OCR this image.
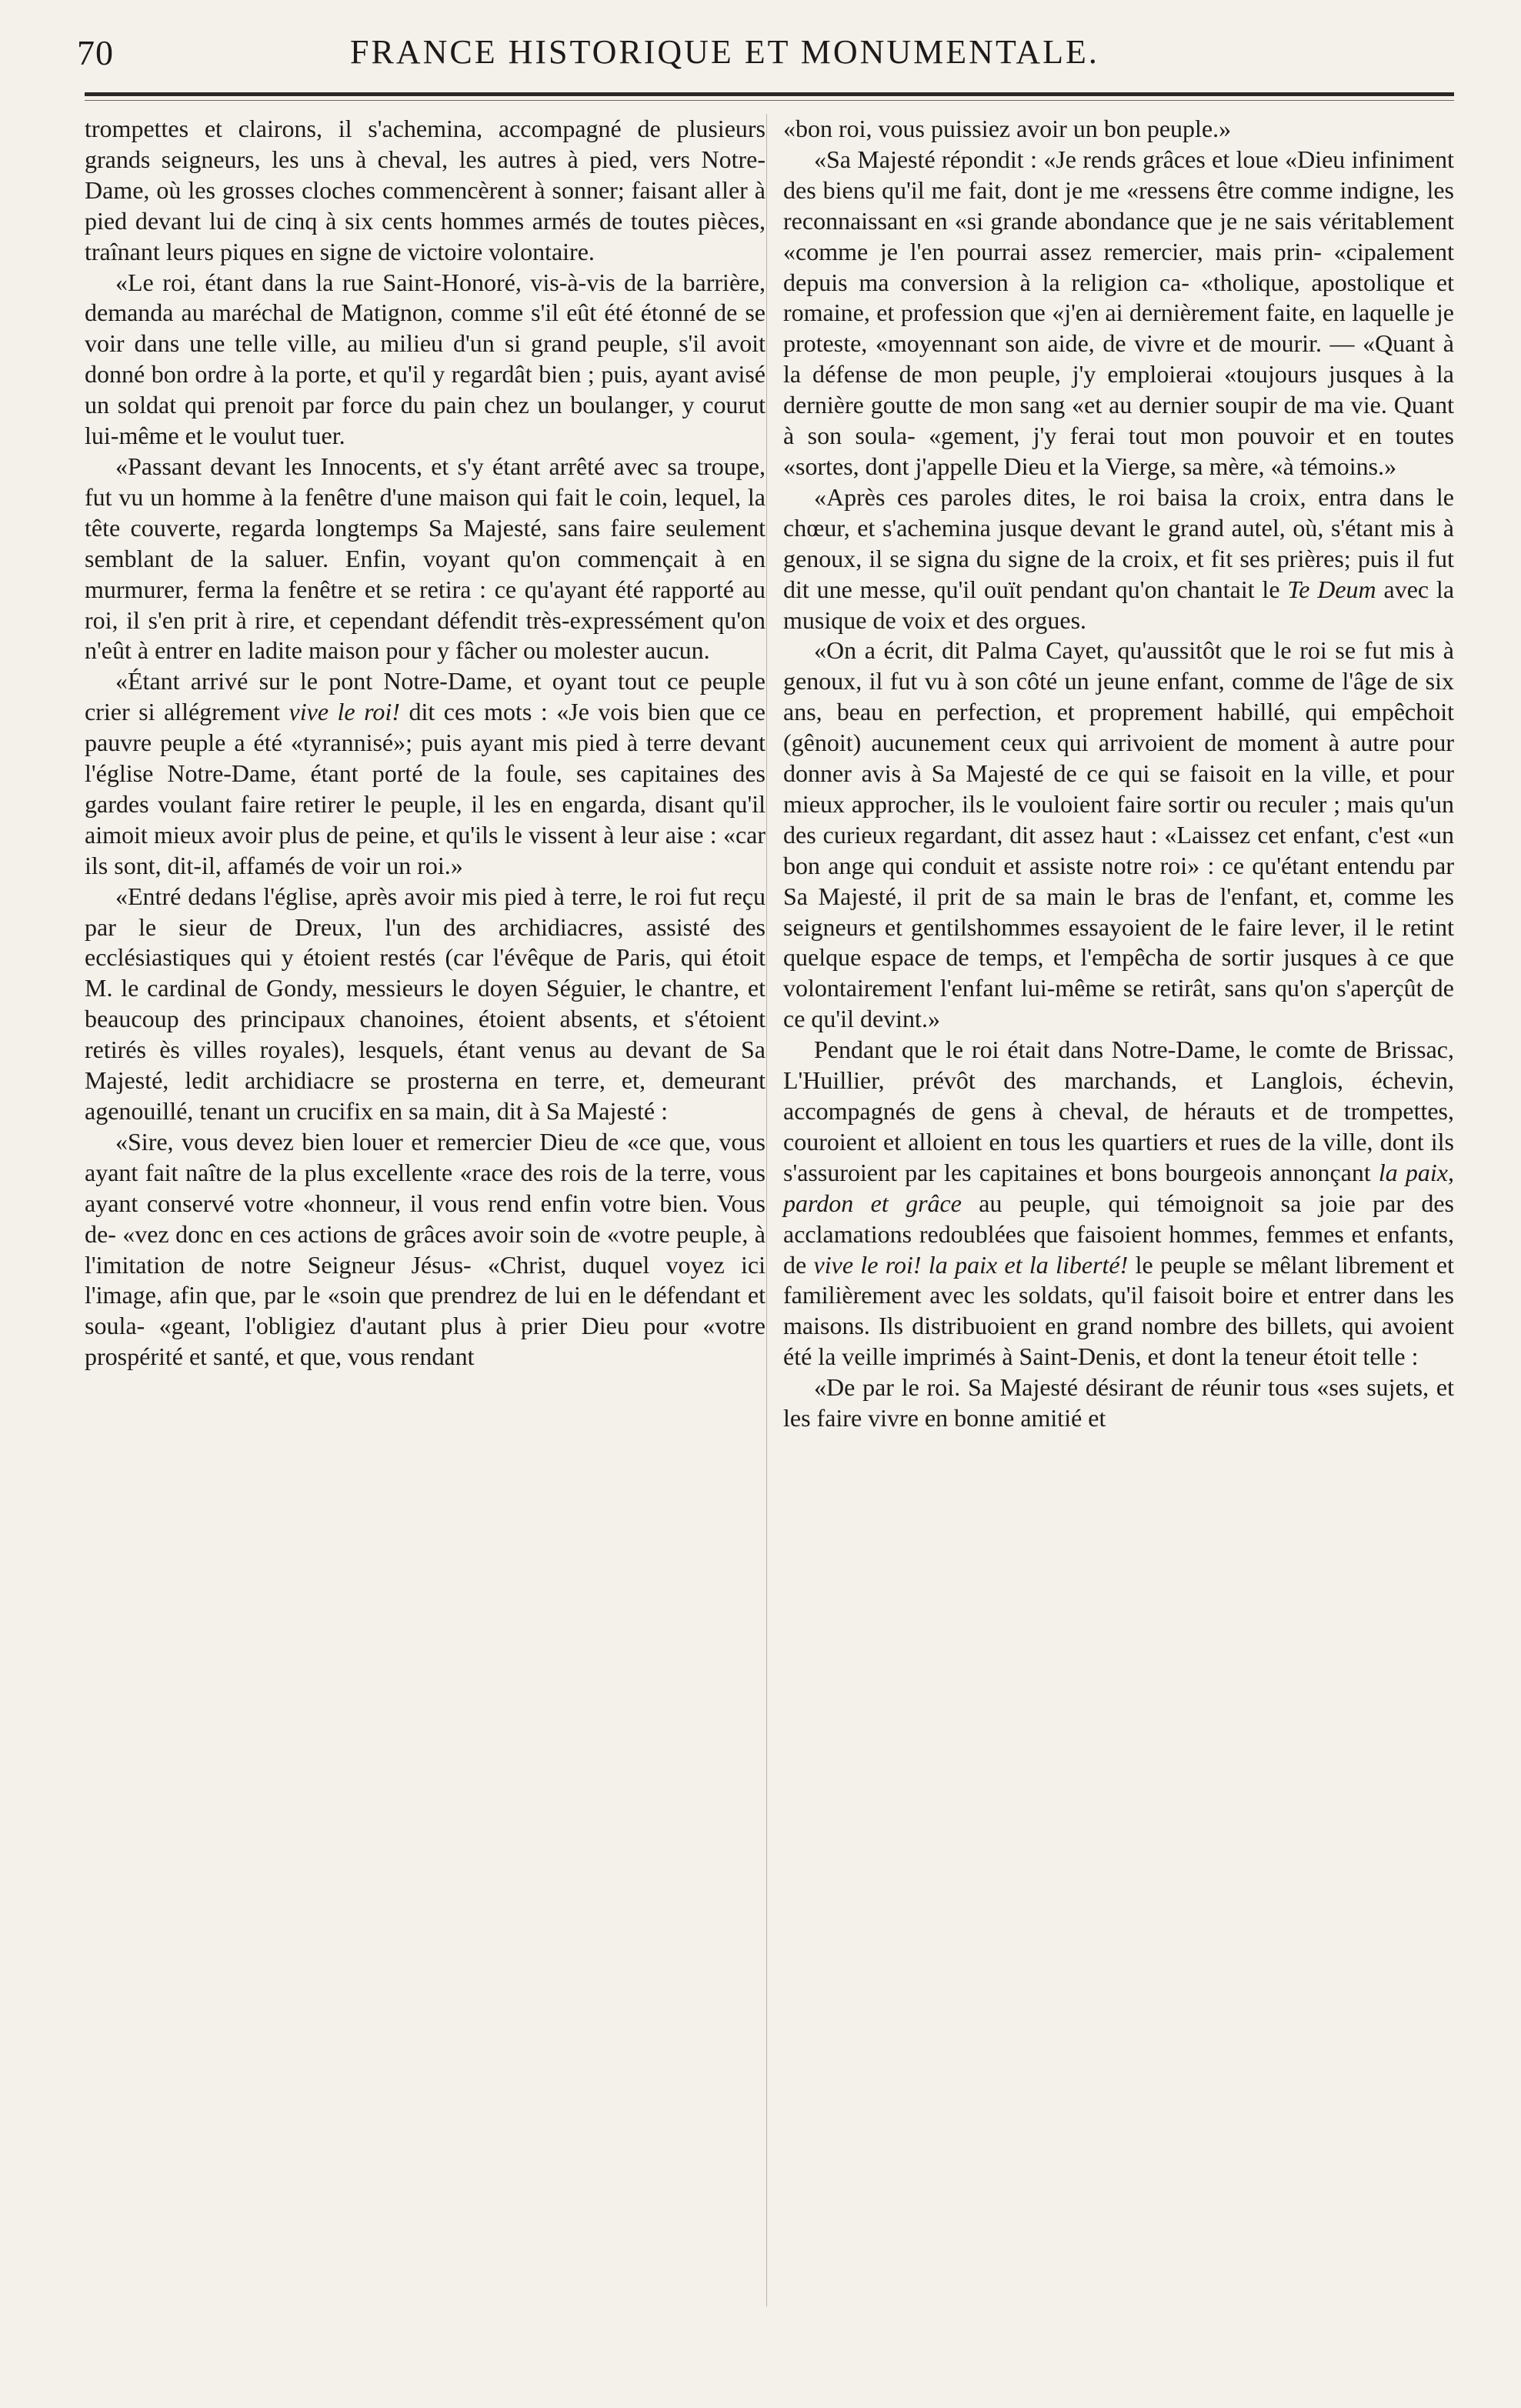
70	FRANCE HISTORIQUE ET MONUMENTALE.

trompettes et clairons, il s'achemina, accompagné de plusieurs grands seigneurs, les uns à cheval, les autres à pied, vers Notre-Dame, où les grosses cloches commencèrent à sonner; faisant aller à pied devant lui de cinq à six cents hommes armés de toutes pièces, traînant leurs piques en signe de victoire volontaire.

«Le roi, étant dans la rue Saint-Honoré, vis-à-vis de la barrière, demanda au maréchal de Matignon, comme s'il eût été étonné de se voir dans une telle ville, au milieu d'un si grand peuple, s'il avoit donné bon ordre à la porte, et qu'il y regardât bien ; puis, ayant avisé un soldat qui prenoit par force du pain chez un boulanger, y courut lui-même et le voulut tuer.

«Passant devant les Innocents, et s'y étant arrêté avec sa troupe, fut vu un homme à la fenêtre d'une maison qui fait le coin, lequel, la tête couverte, regarda longtemps Sa Majesté, sans faire seulement semblant de la saluer. Enfin, voyant qu'on commençait à en murmurer, ferma la fenêtre et se retira : ce qu'ayant été rapporté au roi, il s'en prit à rire, et cependant défendit très-expressément qu'on n'eût à entrer en ladite maison pour y fâcher ou molester aucun.

«Étant arrivé sur le pont Notre-Dame, et oyant tout ce peuple crier si allégrement vive le roi! dit ces mots : «Je vois bien que ce pauvre peuple a été «tyrannisé»; puis ayant mis pied à terre devant l'église Notre-Dame, étant porté de la foule, ses capitaines des gardes voulant faire retirer le peuple, il les en engarda, disant qu'il aimoit mieux avoir plus de peine, et qu'ils le vissent à leur aise : «car ils sont, dit-il, affamés de voir un roi.»

«Entré dedans l'église, après avoir mis pied à terre, le roi fut reçu par le sieur de Dreux, l'un des archidiacres, assisté des ecclésiastiques qui y étoient restés (car l'évêque de Paris, qui étoit M. le cardinal de Gondy, messieurs le doyen Séguier, le chantre, et beaucoup des principaux chanoines, étoient absents, et s'étoient retirés ès villes royales), lesquels, étant venus au devant de Sa Majesté, ledit archidiacre se prosterna en terre, et, demeurant agenouillé, tenant un crucifix en sa main, dit à Sa Majesté :

«Sire, vous devez bien louer et remercier Dieu de «ce que, vous ayant fait naître de la plus excellente «race des rois de la terre, vous ayant conservé votre «honneur, il vous rend enfin votre bien. Vous de- «vez donc en ces actions de grâces avoir soin de «votre peuple, à l'imitation de notre Seigneur Jésus- «Christ, duquel voyez ici l'image, afin que, par le «soin que prendrez de lui en le défendant et soula- «geant, l'obligiez d'autant plus à prier Dieu pour «votre prospérité et santé, et que, vous rendant

«bon roi, vous puissiez avoir un bon peuple.»

«Sa Majesté répondit : «Je rends grâces et loue «Dieu infiniment des biens qu'il me fait, dont je me «ressens être comme indigne, les reconnaissant en «si grande abondance que je ne sais véritablement «comme je l'en pourrai assez remercier, mais prin- «cipalement depuis ma conversion à la religion ca- «tholique, apostolique et romaine, et profession que «j'en ai dernièrement faite, en laquelle je proteste, «moyennant son aide, de vivre et de mourir. — «Quant à la défense de mon peuple, j'y emploierai «toujours jusques à la dernière goutte de mon sang «et au dernier soupir de ma vie. Quant à son soula- «gement, j'y ferai tout mon pouvoir et en toutes «sortes, dont j'appelle Dieu et la Vierge, sa mère, «à témoins.»

«Après ces paroles dites, le roi baisa la croix, entra dans le chœur, et s'achemina jusque devant le grand autel, où, s'étant mis à genoux, il se signa du signe de la croix, et fit ses prières; puis il fut dit une messe, qu'il ouït pendant qu'on chantait le Te Deum avec la musique de voix et des orgues.

«On a écrit, dit Palma Cayet, qu'aussitôt que le roi se fut mis à genoux, il fut vu à son côté un jeune enfant, comme de l'âge de six ans, beau en perfection, et proprement habillé, qui empêchoit (gênoit) aucunement ceux qui arrivoient de moment à autre pour donner avis à Sa Majesté de ce qui se faisoit en la ville, et pour mieux approcher, ils le vouloient faire sortir ou reculer ; mais qu'un des curieux regardant, dit assez haut : «Laissez cet enfant, c'est «un bon ange qui conduit et assiste notre roi» : ce qu'étant entendu par Sa Majesté, il prit de sa main le bras de l'enfant, et, comme les seigneurs et gentilshommes essayoient de le faire lever, il le retint quelque espace de temps, et l'empêcha de sortir jusques à ce que volontairement l'enfant lui-même se retirât, sans qu'on s'aperçût de ce qu'il devint.»

Pendant que le roi était dans Notre-Dame, le comte de Brissac, L'Huillier, prévôt des marchands, et Langlois, échevin, accompagnés de gens à cheval, de hérauts et de trompettes, couroient et alloient en tous les quartiers et rues de la ville, dont ils s'assuroient par les capitaines et bons bourgeois annonçant la paix, pardon et grâce au peuple, qui témoignoit sa joie par des acclamations redoublées que faisoient hommes, femmes et enfants, de vive le roi! la paix et la liberté! le peuple se mêlant librement et familièrement avec les soldats, qu'il faisoit boire et entrer dans les maisons. Ils distribuoient en grand nombre des billets, qui avoient été la veille imprimés à Saint-Denis, et dont la teneur étoit telle :

«De par le roi. Sa Majesté désirant de réunir tous «ses sujets, et les faire vivre en bonne amitié et
